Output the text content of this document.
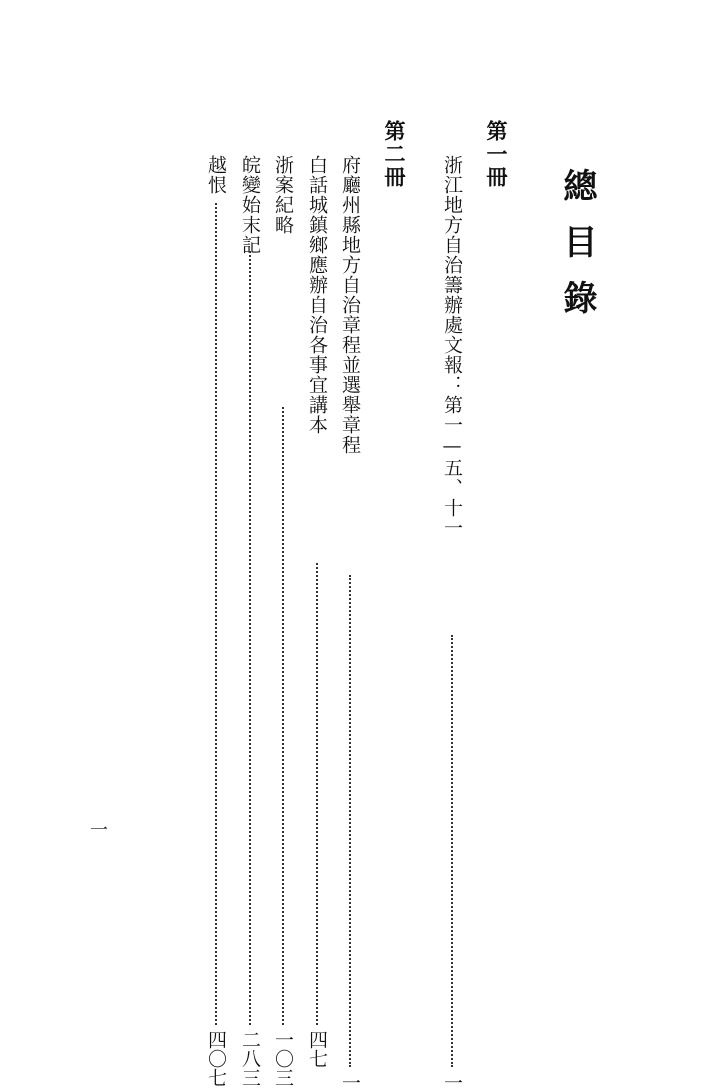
總目錄
第一冊
浙江地方自治籌辦處文報：第一—五、十一
一
第二冊
府廳州縣地方自治章程並選舉章程
一
白話城鎮鄉應辦自治各事宜講本
四七
浙案紀略
一〇三
皖變始末記
二八三
越恨
四〇七
一
